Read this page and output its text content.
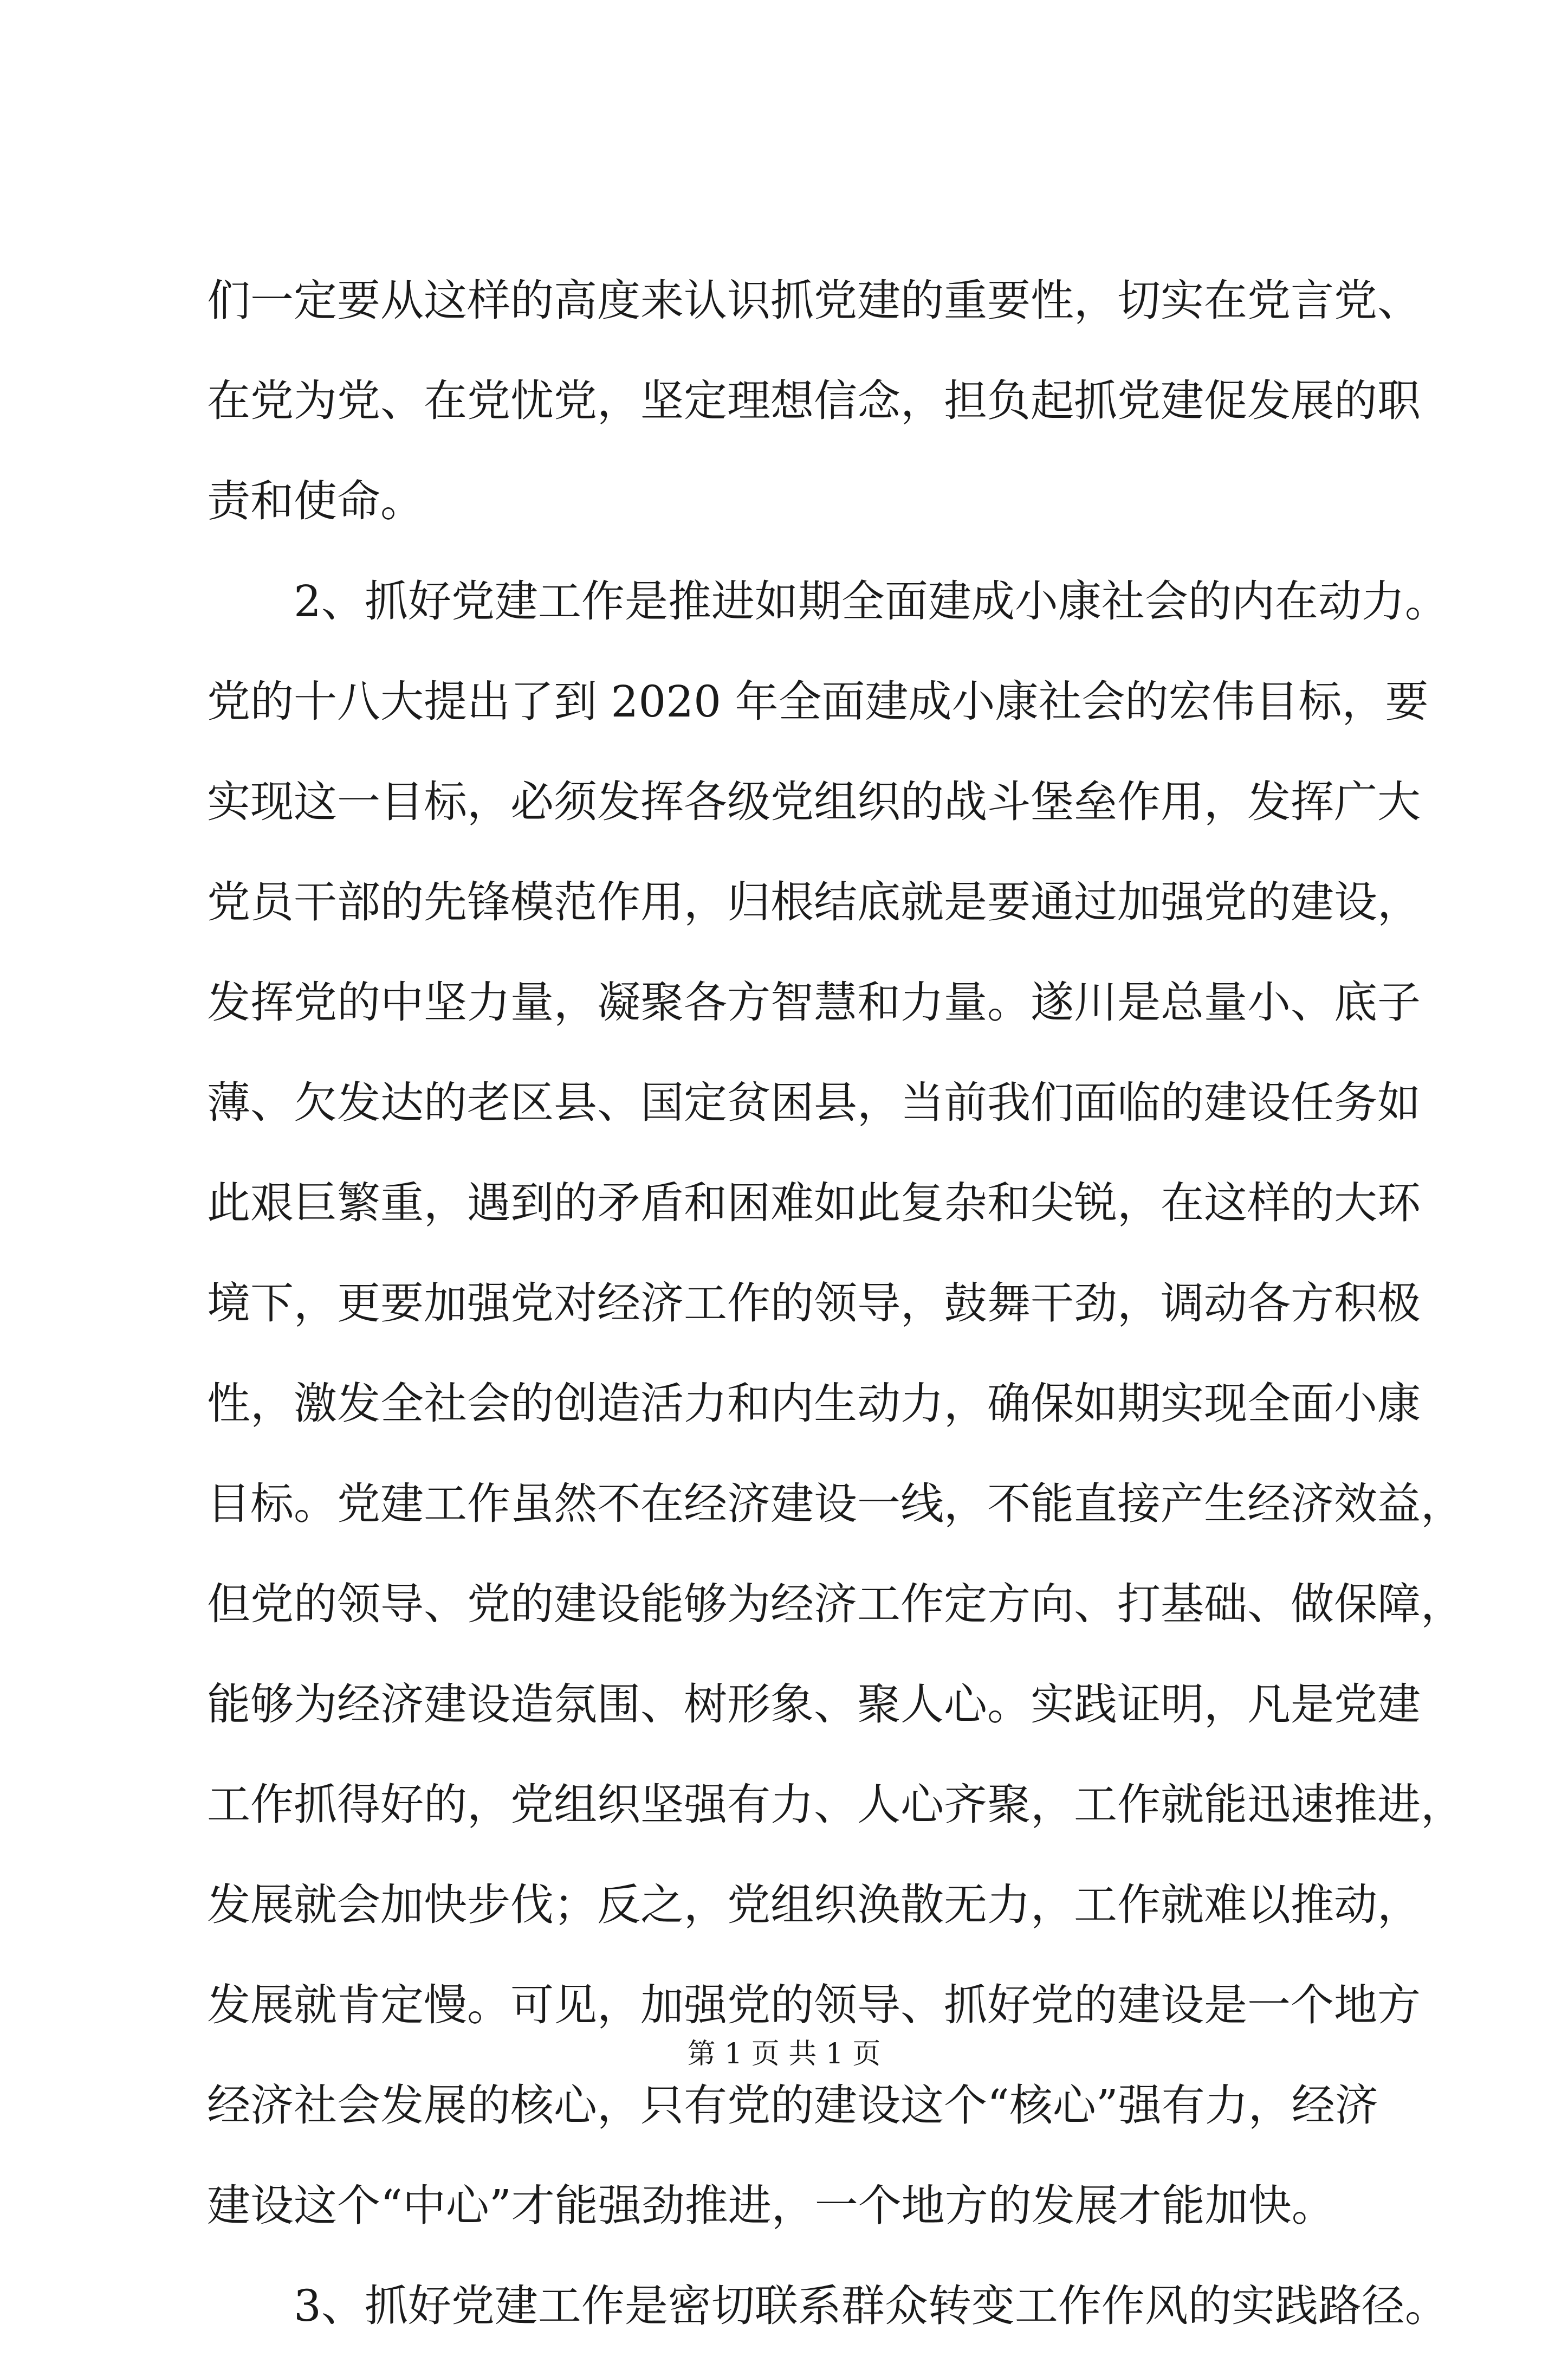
们一定要从这样的高度来认识抓党建的重要性，切实在党言党、
在党为党、在党忧党，坚定理想信念，担负起抓党建促发展的职
责和使命。
2、抓好党建工作是推进如期全面建成小康社会的内在动力。
党的十八大提出了到 2020 年全面建成小康社会的宏伟目标，要
实现这一目标，必须发挥各级党组织的战斗堡垒作用，发挥广大
党员干部的先锋模范作用，归根结底就是要通过加强党的建设，
发挥党的中坚力量，凝聚各方智慧和力量。遂川是总量小、底子
薄、欠发达的老区县、国定贫困县，当前我们面临的建设任务如
此艰巨繁重，遇到的矛盾和困难如此复杂和尖锐，在这样的大环
境下，更要加强党对经济工作的领导，鼓舞干劲，调动各方积极
性，激发全社会的创造活力和内生动力，确保如期实现全面小康
目标。党建工作虽然不在经济建设一线，不能直接产生经济效益，
但党的领导、党的建设能够为经济工作定方向、打基础、做保障，
能够为经济建设造氛围、树形象、聚人心。实践证明，凡是党建
工作抓得好的，党组织坚强有力、人心齐聚，工作就能迅速推进，
发展就会加快步伐；反之，党组织涣散无力，工作就难以推动，
发展就肯定慢。可见，加强党的领导、抓好党的建设是一个地方
经济社会发展的核心，只有党的建设这个“核心”强有力，经济
建设这个“中心”才能强劲推进，一个地方的发展才能加快。
3、抓好党建工作是密切联系群众转变工作作风的实践路径。
第 1 页 共 1 页
